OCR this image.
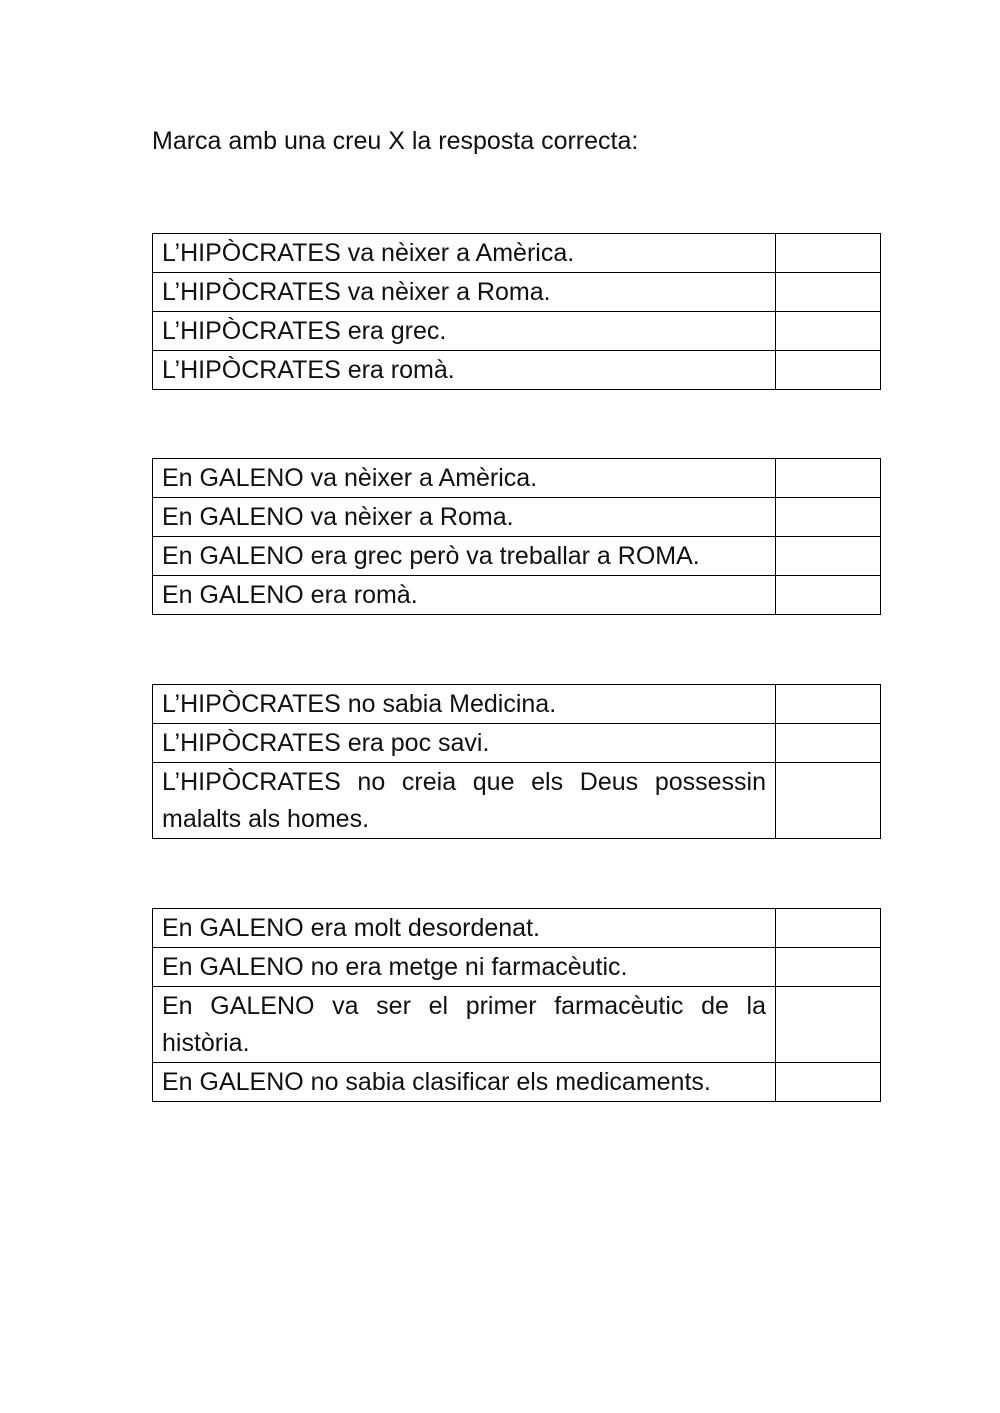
Marca amb una creu X la resposta correcta:

L’HIPÒCRATES va nèixer a Amèrica.	
L’HIPÒCRATES va nèixer a Roma.	
L’HIPÒCRATES era grec.	
L’HIPÒCRATES era romà.	
En GALENO va nèixer a Amèrica.	
En GALENO va nèixer a Roma.	
En GALENO era grec però va treballar a ROMA.	
En GALENO era romà.	
L’HIPÒCRATES no sabia Medicina.	
L’HIPÒCRATES era poc savi.	
L’HIPÒCRATES no creia que els Deus possessin malalts als homes.	
En GALENO era molt desordenat.	
En GALENO no era metge ni farmacèutic.	
En GALENO va ser el primer farmacèutic de la història.	
En GALENO no sabia clasificar els medicaments.	
